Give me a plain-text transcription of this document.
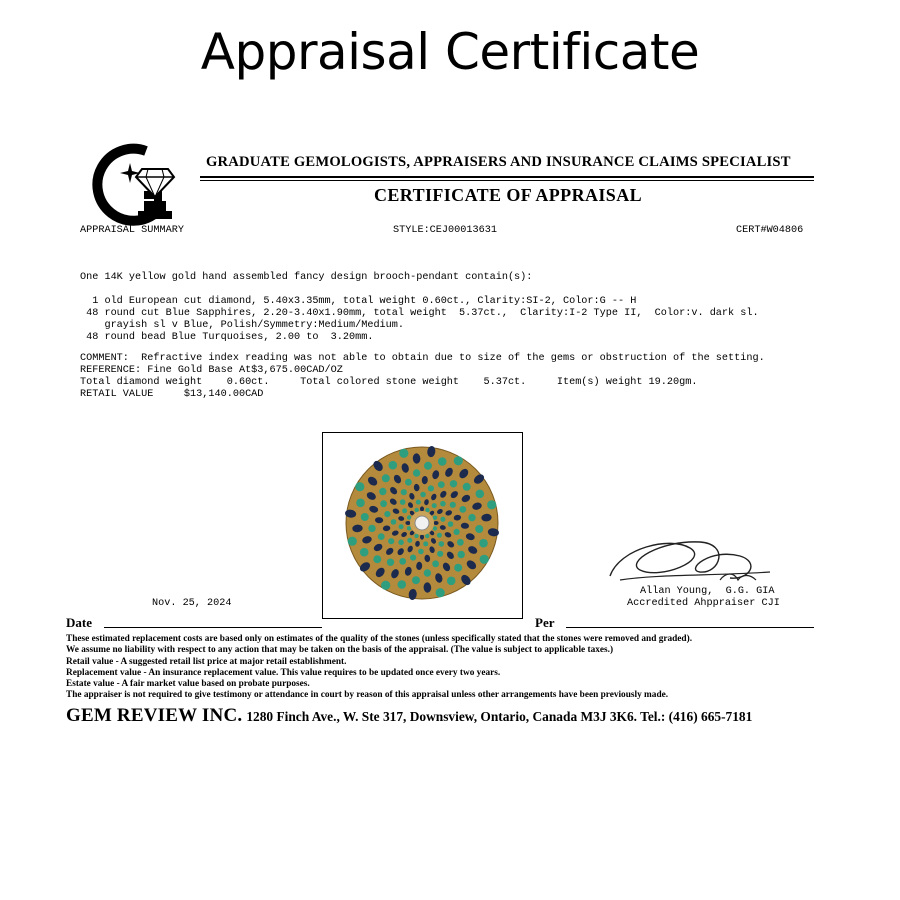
Appraisal Certificate
GRADUATE GEMOLOGISTS, APPRAISERS AND INSURANCE CLAIMS SPECIALIST
CERTIFICATE OF APPRAISAL
APPRAISAL SUMMARY	STYLE:CEJ00013631	CERT#W04806
One 14K yellow gold hand assembled fancy design brooch-pendant contain(s):
1 old European cut diamond, 5.40x3.35mm, total weight 0.60ct., Clarity:SI-2, Color:G -- H
48 round cut Blue Sapphires, 2.20-3.40x1.90mm, total weight  5.37ct.,  Clarity:I-2 Type II,  Color:v. dark sl.
grayish sl v Blue, Polish/Symmetry:Medium/Medium.
48 round bead Blue Turquoises, 2.00 to  3.20mm.
COMMENT:  Refractive index reading was not able to obtain due to size of the gems or obstruction of the setting.
REFERENCE: Fine Gold Base At$3,675.00CAD/OZ
Total diamond weight    0.60ct.     Total colored stone weight    5.37ct.     Item(s) weight 19.20gm.
RETAIL VALUE     $13,140.00CAD
Nov. 25, 2024
Allan Young,  G.G. GIA
Accredited Ahppraiser CJI
Date	Per
These estimated replacement costs are based only on estimates of the quality of the stones (unless specifically stated that the stones were removed and graded).
We assume no liability with respect to any action that may be taken on the basis of the appraisal. (The value is subject to applicable taxes.)
Retail value - A suggested retail list price at major retail establishment.
Replacement value - An insurance replacement value. This value requires to be updated once every two years.
Estate value - A fair market value based on probate purposes.
The appraiser is not required to give testimony or attendance in court by reason of this appraisal unless other arrangements have been previously made.
GEM REVIEW INC. 1280 Finch Ave., W. Ste 317, Downsview, Ontario, Canada M3J 3K6. Tel.: (416) 665-7181
